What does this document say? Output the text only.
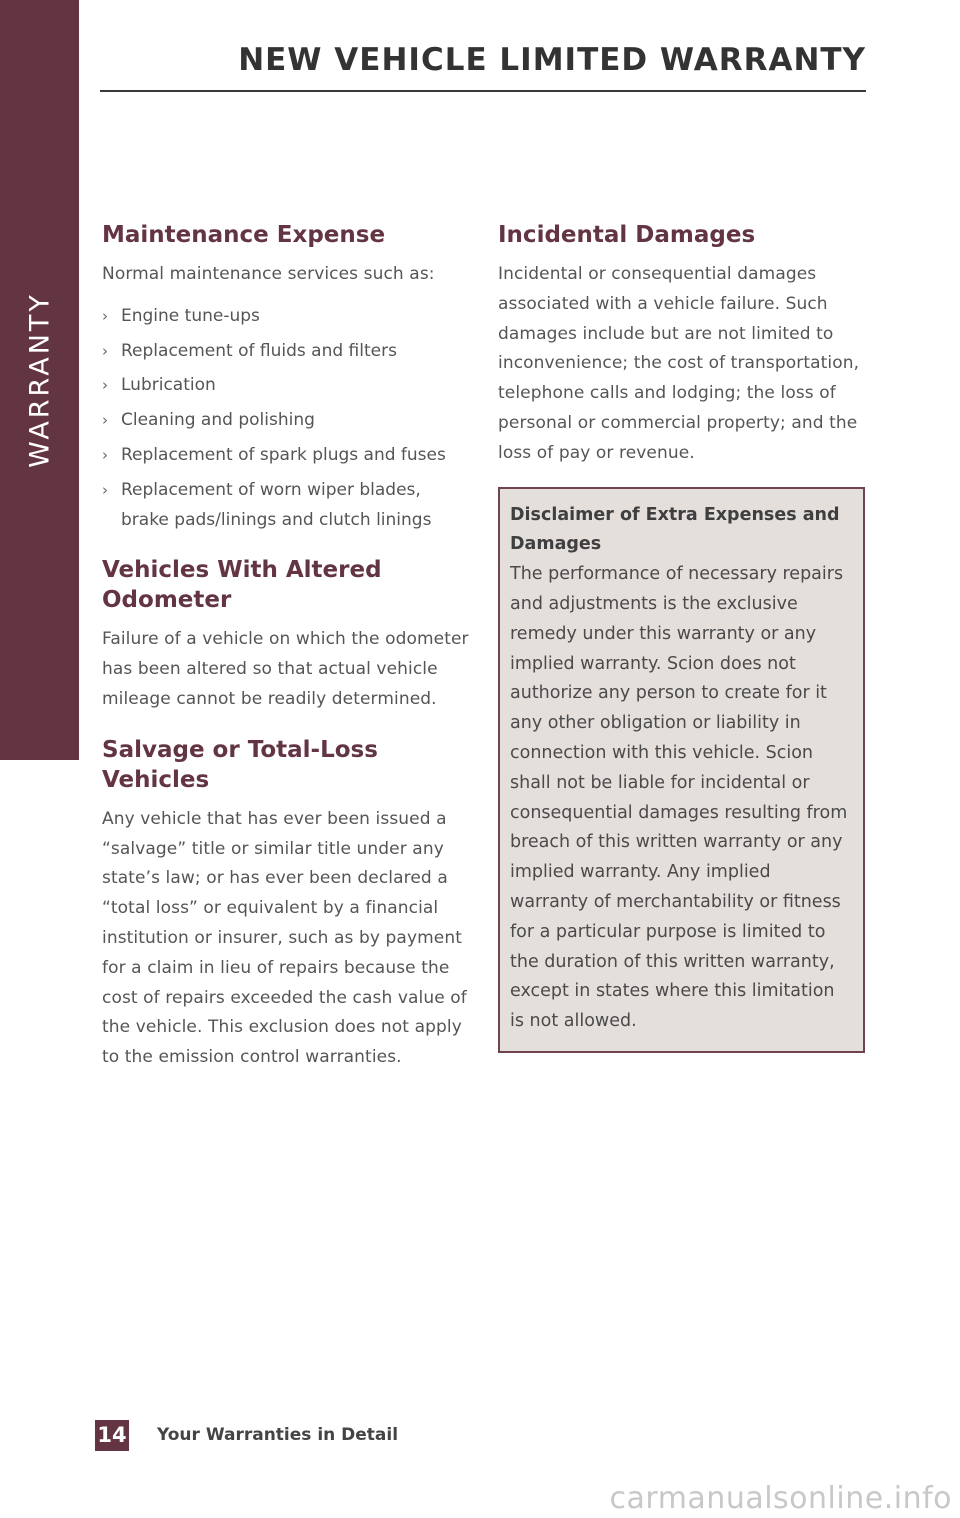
WARRANTY
NEW VEHICLE LIMITED WARRANTY
Maintenance Expense

Normal maintenance services such as:

› Engine tune-ups
› Replacement of fluids and filters
› Lubrication
› Cleaning and polishing
› Replacement of spark plugs and fuses
› Replacement of worn wiper blades, brake pads/linings and clutch linings
Vehicles With Altered Odometer

Failure of a vehicle on which the odometer has been altered so that actual vehicle mileage cannot be readily determined.

Salvage or Total-Loss Vehicles

Any vehicle that has ever been issued a “salvage” title or similar title under any state’s law; or has ever been declared a “total loss” or equivalent by a financial institution or insurer, such as by payment for a claim in lieu of repairs because the cost of repairs exceeded the cash value of the vehicle. This exclusion does not apply to the emission control warranties.

Incidental Damages

Incidental or consequential damages associated with a vehicle failure. Such damages include but are not limited to inconvenience; the cost of transportation, telephone calls and lodging; the loss of personal or commercial property; and the loss of pay or revenue.

Disclaimer of Extra Expenses and Damages
The performance of necessary repairs and adjustments is the exclusive remedy under this warranty or any implied warranty. Scion does not authorize any person to create for it any other obligation or liability in connection with this vehicle. Scion shall not be liable for incidental or consequential damages resulting from breach of this written warranty or any implied warranty. Any implied warranty of merchantability or fitness for a particular purpose is limited to the duration of this written warranty, except in states where this limitation is not allowed.
14 Your Warranties in Detail
carmanualsonline.info
